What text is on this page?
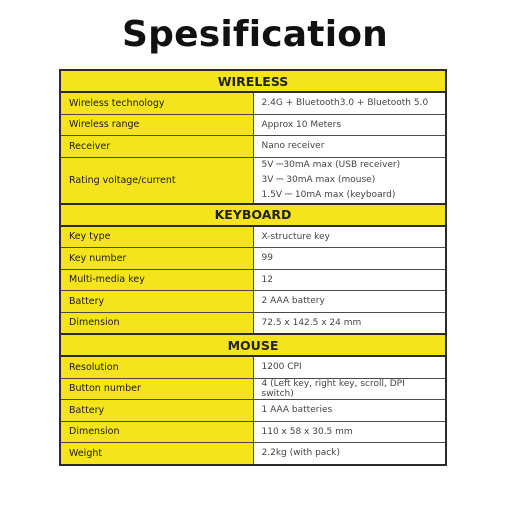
Spesification
WIRELESS	
Wireless technology	2.4G + Bluetooth3.0 + Bluetooth 5.0
Wireless range	Approx 10 Meters
Receiver	Nano receiver
Rating voltage/current	5V ⎓30mA max (USB receiver)
3V ⎓ 30mA max (mouse)
1.5V ⎓ 10mA max (keyboard)

KEYBOARD	
Key type	X-structure key
Key number	99
Multi-media key	12
Battery	2 AAA battery
Dimension	72.5 x 142.5 x 24 mm
MOUSE	
Resolution	1200 CPI
Button number	4 (Left key, right key, scroll, DPI switch)
Battery	1 AAA batteries
Dimension	110 x 58 x 30.5 mm
Weight	2.2kg (with pack)
